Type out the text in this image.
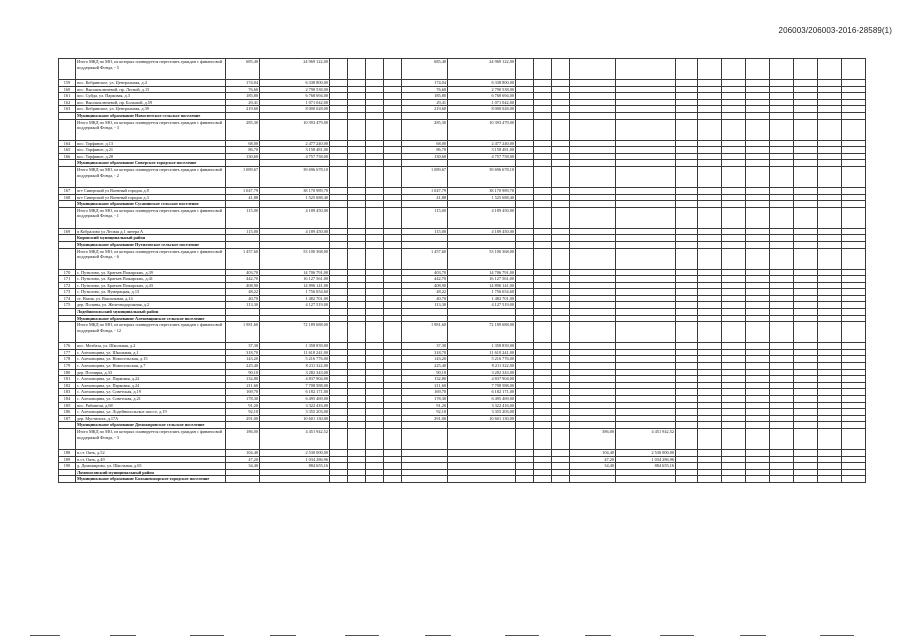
206003/206003-2016-28589(1)
	Итого МКД по МО, из которых планируется переселять граждан с финансовой поддержкой Фонда, - 5	685,40	24 969 122,00					685,40	24 969 122,00													
159	пос. Кобринское, ул. Центральная, д.4	174,04	6 338 800,00					174,04	6 338 800,00													
160	пос. Высокоключевой, пр. Лесной, д.15	76,60	2 790 538,00					76,60	2 790 538,00													
161	пос. Суйда, ул. Парковая, д.3	185,80	6 768 694,00					185,80	6 768 694,00													
162	пос. Высокоключевой, пр. Большой, д.59	29,41	1 071 042,00					29,41	1 071 042,00													
163	пос. Кобринское, ул. Центральная, д.39	219,60	8 000 028,00					219,60	8 000 028,00													
	Муниципальное образование Новосветское сельское поселение																					
	Итого МКД по МО, из которых планируется переселять граждан с финансовой поддержкой Фонда, - 3	285,30	10 393 479,00					285,30	10 393 479,00													
164	пос. Торфяное, д.13	68,00	2 477 240,00					68,00	2 477 240,00													
165	пос. Торфяное, д.21	86,70	3 158 481,00					86,70	3 158 481,00													
166	пос. Торфяное, д.28	130,60	4 757 758,00					130,60	4 757 758,00													
	Муниципальное образование Сиверское городское поселение																					
	Итого МКД по МО, из которых планируется переселять граждан с финансовой поддержкой Фонда, - 2	1 089,67	39 696 678,10					1 089,67	39 696 678,10													
167	пгт Сиверский ул Военный городок д.8	1 047,79	38 170 989,70					1 047,79	38 170 989,70													
168	пгт Сиверский ул Военный городок д.3	41,88	1 525 688,40					41,88	1 525 688,40													
	Муниципальное образование Сусанинское сельское поселение																					
	Итого МКД по МО, из которых планируется переселять граждан с финансовой поддержкой Фонда, - 1	115,00	4 189 450,00					115,00	4 189 450,00													
169	п Кобралово ул Лесная д.1 литера А	115,00	4 189 450,00					115,00	4 189 450,00													
	Кировский муниципальный район																					
	Муниципальное образование Путиловское сельское поселение																					
	Итого МКД по МО, из которых планируется переселять граждан с финансовой поддержкой Фонда, - 6	1 457,60	53 100 368,00					1 457,60	53 100 368,00													
170	с. Путилово, ул. Братьев Пожарских, д.39	403,70	14 706 791,00					403,70	14 706 791,00													
171	с. Путилово, ул. Братьев Пожарских, д.41	442,70	16 127 561,00					442,70	16 127 561,00													
172	с. Путилово, ул. Братьев Пожарских, д.43	408,90	14 896 141,00					408,90	14 896 141,00													
173	с. Путилово, ул. Нумерацкая, д.13	48,22	1 756 654,60					48,22	1 756 654,60													
174	ст. Назия, ул. Вокзальная, д.14	40,70	1 482 701,00					40,70	1 482 701,00													
175	дер. Поляны, ул. Железнодорожная, д.2	113,30	4 127 519,00					113,30	4 127 519,00													
	Лодейнопольский муниципальный район																					
	Муниципальное образование Алеховщинское сельское поселение																					
	Итого МКД по МО, из которых планируется переселять граждан с финансовой поддержкой Фонда, - 12	1 981,60	72 189 688,00					1 981,60	72 189 688,00													
176	пос. Мехбаза, ул. Школьная, д.2	37,30	1 358 839,00					37,30	1 358 839,00													
177	с. Алеховщина, ул. Школьная, д.1	318,70	11 610 241,00					318,70	11 610 241,00													
178	с. Алеховщина, ул. Новосельская, д.15	143,20	5 216 776,00					143,20	5 216 776,00													
179	с. Алеховщина, ул. Новосельская, д.7	225,40	8 211 322,00					225,40	8 211 322,00													
180	дер. Поччиры, д.33	90,10	3 282 343,00					90,10	3 282 343,00													
181	с. Алеховщина, ул. Парковая, д.22	132,80	4 837 904,00					132,80	4 837 904,00													
182	с. Алеховщина, ул. Парковая, д.24	211,60	7 708 588,00					211,60	7 708 588,00													
183	с. Алеховщина, ул. Советская, д.19	169,70	6 182 171,00					169,70	6 182 171,00													
184	с. Алеховщина, ул. Советская, д.21	178,30	6 495 469,00					178,30	6 495 469,00													
185	пос. Рябовичи, д.68	91,20	3 322 416,00					91,20	3 322 416,00													
186	с. Алеховщина, ул. Лодейнопольское шоссе, д.19	92,10	3 355 203,00					92,10	3 355 203,00													
187	дер. Мустинога, д.17А	291,00	10 601 130,00					291,00	10 601 130,00													
	Муниципальное образование Доможировское сельское поселение																					
	Итого МКД по МО, из которых планируется переселять граждан с финансовой поддержкой Фонда, - 3	186,00	4 451 942,52										386,00	4 451 942,52								
188	п.ст. Оять, д.52	104,40	2 530 000,00										104,40	2 530 000,00								
189	п.ст. Оять, д.49	47,20	1 034 286,96										47,20	1 034 286,96								
190	д. Доможирово, ул. Школьная, д.65	34,40	884 655,16										34,40	884 655,16								
	Ломоносовский муниципальный район																					
	Муниципальное образование Большеижорское городское поселение																					
